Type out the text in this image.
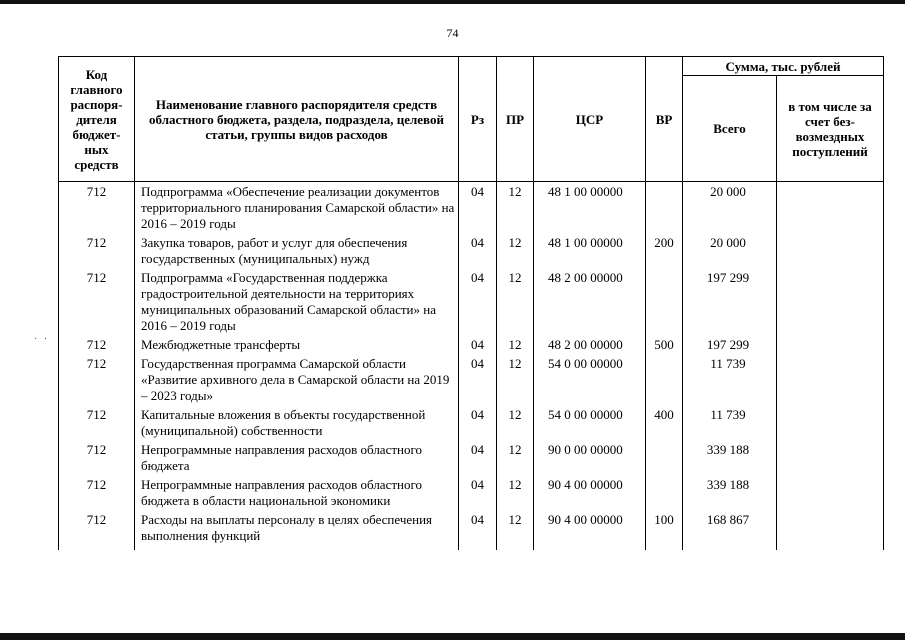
74
· ·
Код главного распоря-дителя бюджет-ных средств	Наименование главного распорядителя средств областного бюджета, раздела, подраздела, целевой статьи, группы видов расходов	Рз	ПР	ЦСР	ВР	Сумма, тыс. рублей	
						Всего	в том числе за счет без-возмездных поступлений
712	Подпрограмма «Обеспечение реализации документов территориального планирования Самарской области» на 2016 – 2019 годы	04	12	48 1 00 00000		20 000	
712	Закупка товаров, работ и услуг для обеспечения государственных (муниципальных) нужд	04	12	48 1 00 00000	200	20 000	
712	Подпрограмма «Государственная поддержка градостроительной деятельности на территориях муниципальных образований Самарской области» на 2016 – 2019 годы	04	12	48 2 00 00000		197 299	
712	Межбюджетные трансферты	04	12	48 2 00 00000	500	197 299	
712	Государственная программа Самарской области «Развитие архивного дела в Самарской области на 2019 – 2023 годы»	04	12	54 0 00 00000		11 739	
712	Капитальные вложения в объекты государственной (муниципальной) собственности	04	12	54 0 00 00000	400	11 739	
712	Непрограммные направления расходов областного бюджета	04	12	90 0 00 00000		339 188	
712	Непрограммные направления расходов областного бюджета в области национальной экономики	04	12	90 4 00 00000		339 188	
712	Расходы на выплаты персоналу в целях обеспечения выполнения функций	04	12	90 4 00 00000	100	168 867	
